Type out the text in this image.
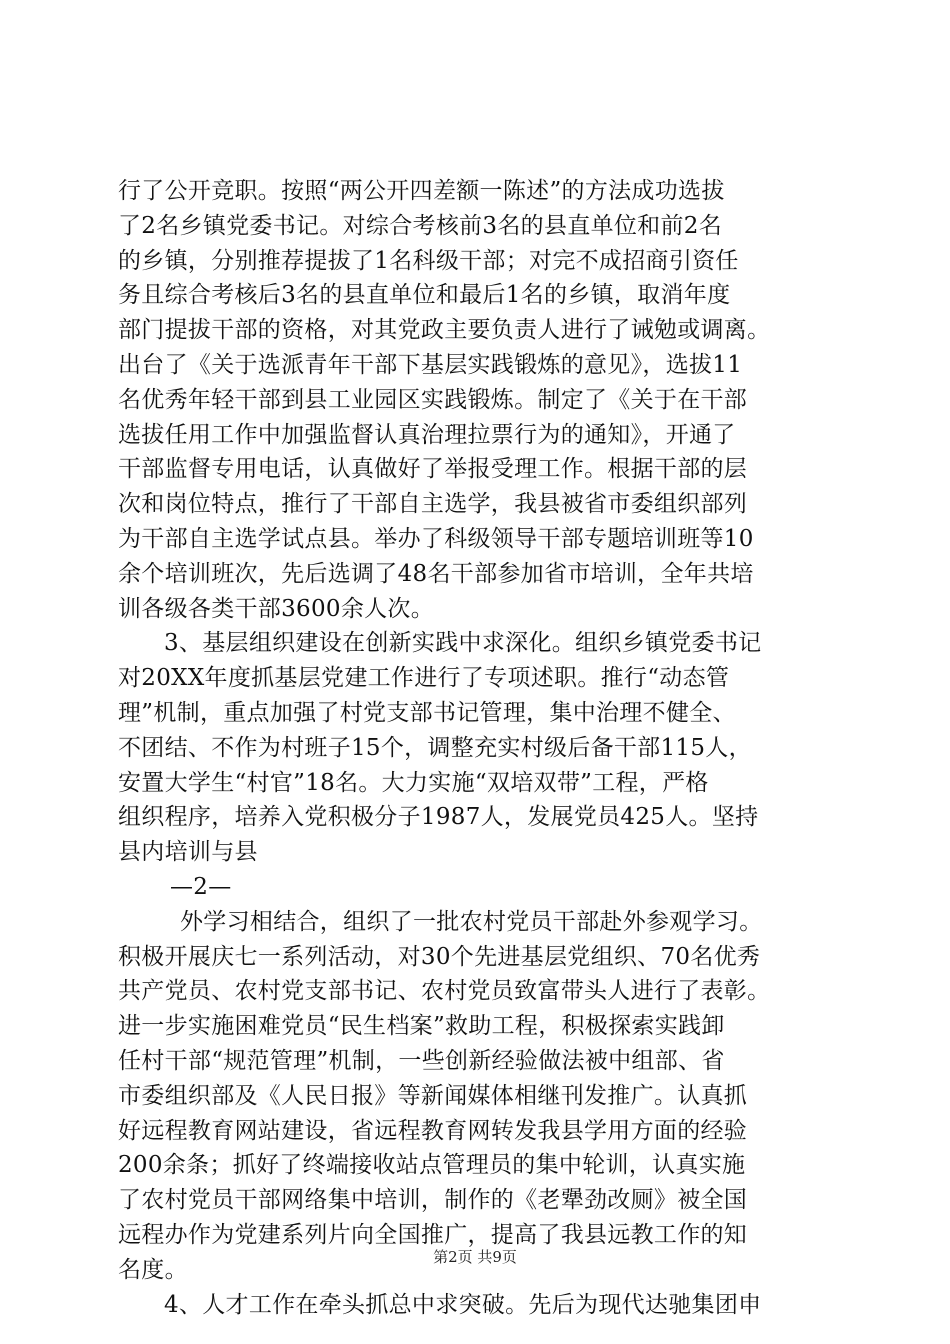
行了公开竞职。按照“两公开四差额一陈述”的方法成功选拔
了2名乡镇党委书记。对综合考核前3名的县直单位和前2名
的乡镇，分别推荐提拔了1名科级干部；对完不成招商引资任
务且综合考核后3名的县直单位和最后1名的乡镇，取消年度
部门提拔干部的资格，对其党政主要负责人进行了诫勉或调离。
出台了《关于选派青年干部下基层实践锻炼的意见》，选拔11
名优秀年轻干部到县工业园区实践锻炼。制定了《关于在干部
选拔任用工作中加强监督认真治理拉票行为的通知》，开通了
干部监督专用电话，认真做好了举报受理工作。根据干部的层
次和岗位特点，推行了干部自主选学，我县被省市委组织部列
为干部自主选学试点县。举办了科级领导干部专题培训班等10
余个培训班次，先后选调了48名干部参加省市培训，全年共培
训各级各类干部3600余人次。
3、基层组织建设在创新实践中求深化。组织乡镇党委书记
对20XX年度抓基层党建工作进行了专项述职。推行“动态管
理”机制，重点加强了村党支部书记管理，集中治理不健全、
不团结、不作为村班子15个，调整充实村级后备干部115人，
安置大学生“村官”18名。大力实施“双培双带”工程，严格
组织程序，培养入党积极分子1987人，发展党员425人。坚持
县内培训与县
—2—
外学习相结合，组织了一批农村党员干部赴外参观学习。
积极开展庆七一系列活动，对30个先进基层党组织、70名优秀
共产党员、农村党支部书记、农村党员致富带头人进行了表彰。
进一步实施困难党员“民生档案”救助工程，积极探索实践卸
任村干部“规范管理”机制，一些创新经验做法被中组部、省
市委组织部及《人民日报》等新闻媒体相继刊发推广。认真抓
好远程教育网站建设，省远程教育网转发我县学用方面的经验
200余条；抓好了终端接收站点管理员的集中轮训，认真实施
了农村党员干部网络集中培训，制作的《老犟劲改厕》被全国
远程办作为党建系列片向全国推广，提高了我县远教工作的知
名度。
4、人才工作在牵头抓总中求突破。先后为现代达驰集团申
第2页 共9页
